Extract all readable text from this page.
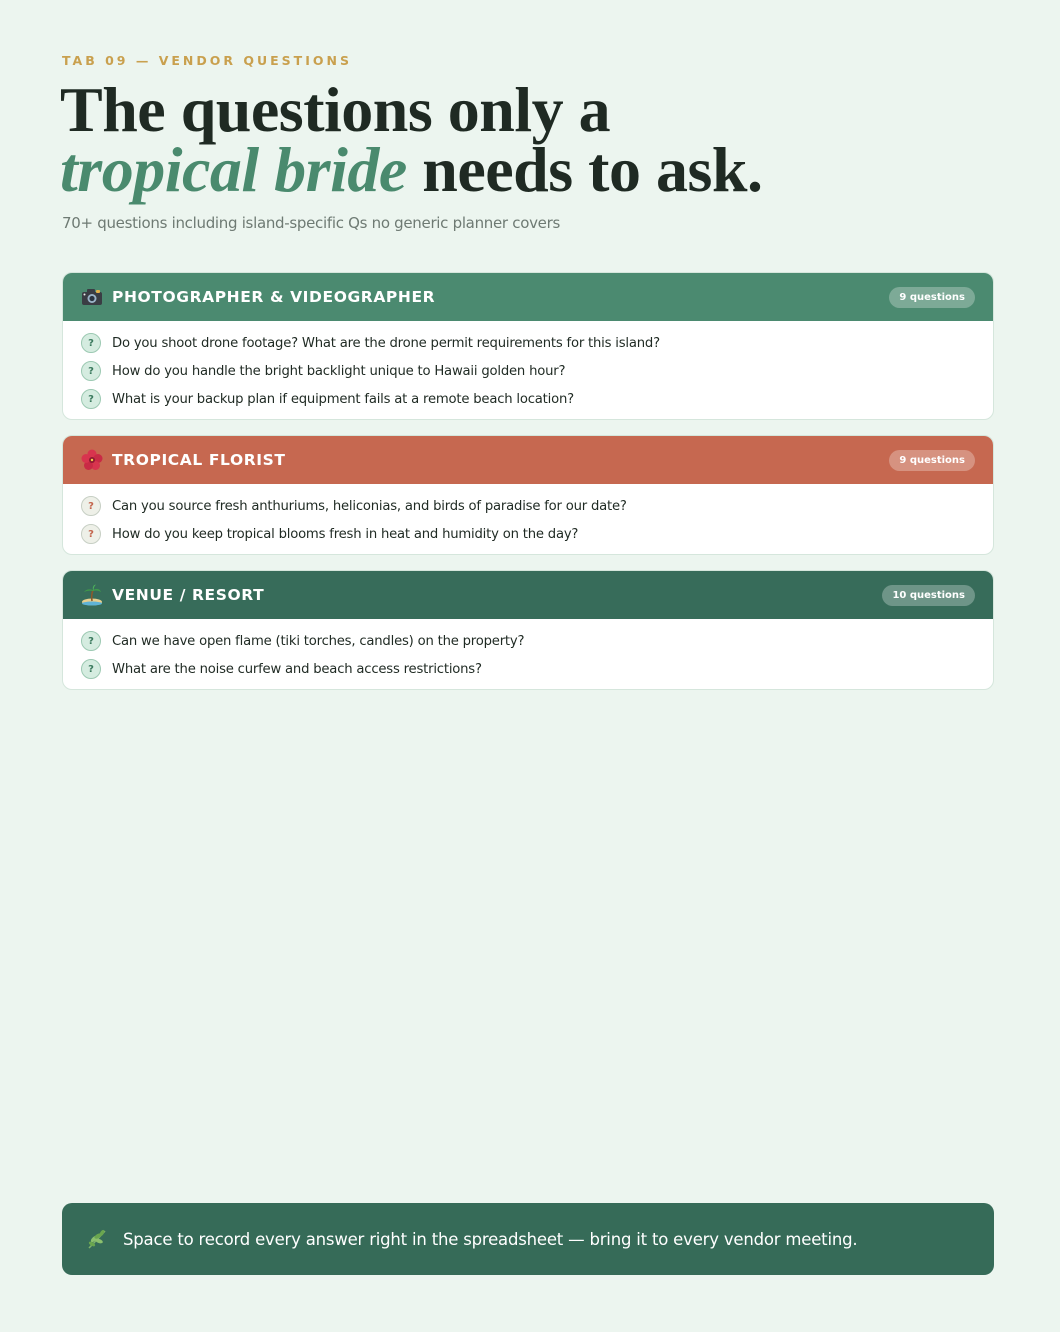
TAB 09 — VENDOR QUESTIONS
The questions only a
tropical bride needs to ask.
70+ questions including island-specific Qs no generic planner covers
PHOTOGRAPHER & VIDEOGRAPHER	9 questions
?	Do you shoot drone footage? What are the drone permit requirements for this island?
?	How do you handle the bright backlight unique to Hawaii golden hour?
?	What is your backup plan if equipment fails at a remote beach location?
TROPICAL FLORIST	9 questions
?	Can you source fresh anthuriums, heliconias, and birds of paradise for our date?
?	How do you keep tropical blooms fresh in heat and humidity on the day?
VENUE / RESORT	10 questions
?	Can we have open flame (tiki torches, candles) on the property?
?	What are the noise curfew and beach access restrictions?
Space to record every answer right in the spreadsheet — bring it to every vendor meeting.
